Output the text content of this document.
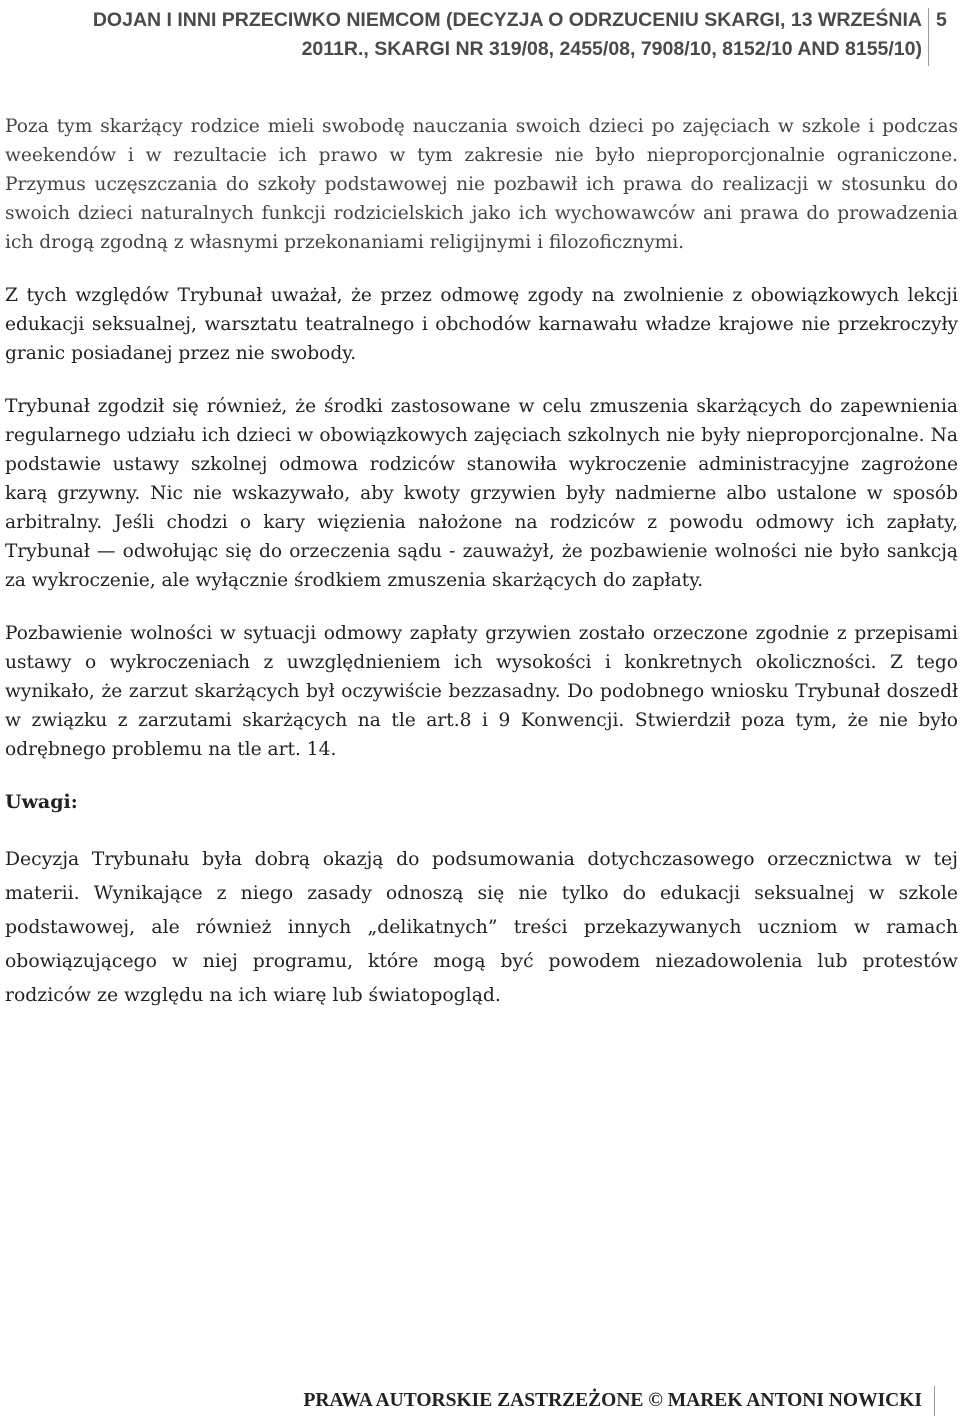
DOJAN I INNI PRZECIWKO NIEMCOM (DECYZJA O ODRZUCENIU SKARGI, 13 WRZEŚNIA 2011R., SKARGI NR 319/08, 2455/08, 7908/10, 8152/10 AND 8155/10)
5

Poza tym skarżący rodzice mieli swobodę nauczania swoich dzieci po zajęciach w szkole i podczas weekendów i w rezultacie ich prawo w tym zakresie nie było nieproporcjonalnie ograniczone. Przymus uczęszczania do szkoły podstawowej nie pozbawił ich prawa do realizacji w stosunku do swoich dzieci naturalnych funkcji rodzicielskich jako ich wychowawców ani prawa do prowadzenia ich drogą zgodną z własnymi przekonaniami religijnymi i filozoficznymi.

Z tych względów Trybunał uważał, że przez odmowę zgody na zwolnienie z obowiązkowych lekcji edukacji seksualnej, warsztatu teatralnego i obchodów karnawału władze krajowe nie przekroczyły granic posiadanej przez nie swobody.

Trybunał zgodził się również, że środki zastosowane w celu zmuszenia skarżących do zapewnienia regularnego udziału ich dzieci w obowiązkowych zajęciach szkolnych nie były nieproporcjonalne. Na podstawie ustawy szkolnej odmowa rodziców stanowiła wykroczenie administracyjne zagrożone karą grzywny. Nic nie wskazywało, aby kwoty grzywien były nadmierne albo ustalone w sposób arbitralny. Jeśli chodzi o kary więzienia nałożone na rodziców z powodu odmowy ich zapłaty, Trybunał — odwołując się do orzeczenia sądu - zauważył, że pozbawienie wolności nie było sankcją za wykroczenie, ale wyłącznie środkiem zmuszenia skarżących do zapłaty.

Pozbawienie wolności w sytuacji odmowy zapłaty grzywien zostało orzeczone zgodnie z przepisami ustawy o wykroczeniach z uwzględnieniem ich wysokości i konkretnych okoliczności. Z tego wynikało, że zarzut skarżących był oczywiście bezzasadny. Do podobnego wniosku Trybunał doszedł w związku z zarzutami skarżących na tle art.8 i 9 Konwencji. Stwierdził poza tym, że nie było odrębnego problemu na tle art. 14.

Uwagi:

Decyzja Trybunału była dobrą okazją do podsumowania dotychczasowego orzecznictwa w tej materii. Wynikające z niego zasady odnoszą się nie tylko do edukacji seksualnej w szkole podstawowej, ale również innych „delikatnych” treści przekazywanych uczniom w ramach obowiązującego w niej programu, które mogą być powodem niezadowolenia lub protestów rodziców ze względu na ich wiarę lub światopogląd.

PRAWA AUTORSKIE ZASTRZEŻONE © MAREK ANTONI NOWICKI
